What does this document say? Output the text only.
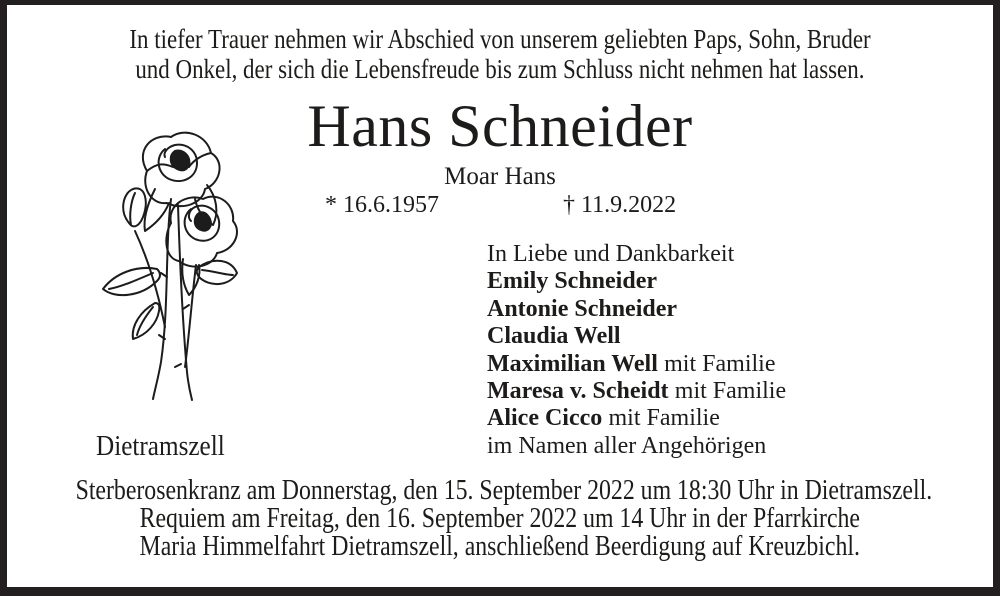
In tiefer Trauer nehmen wir Abschied von unserem geliebten Paps, Sohn, Bruder
und Onkel, der sich die Lebensfreude bis zum Schluss nicht nehmen hat lassen.
Hans Schneider
Moar Hans
* 16.6.1957	† 11.9.2022
In Liebe und Dankbarkeit
Emily Schneider
Antonie Schneider
Claudia Well
Maximilian Well mit Familie
Maresa v. Scheidt mit Familie
Alice Cicco mit Familie
im Namen aller Angehörigen
Dietramszell
Sterberosenkranz am Donnerstag, den 15. September 2022 um 18:30 Uhr in Dietramszell.
Requiem am Freitag, den 16. September 2022 um 14 Uhr in der Pfarrkirche
Maria Himmelfahrt Dietramszell, anschließend Beerdigung auf Kreuzbichl.
